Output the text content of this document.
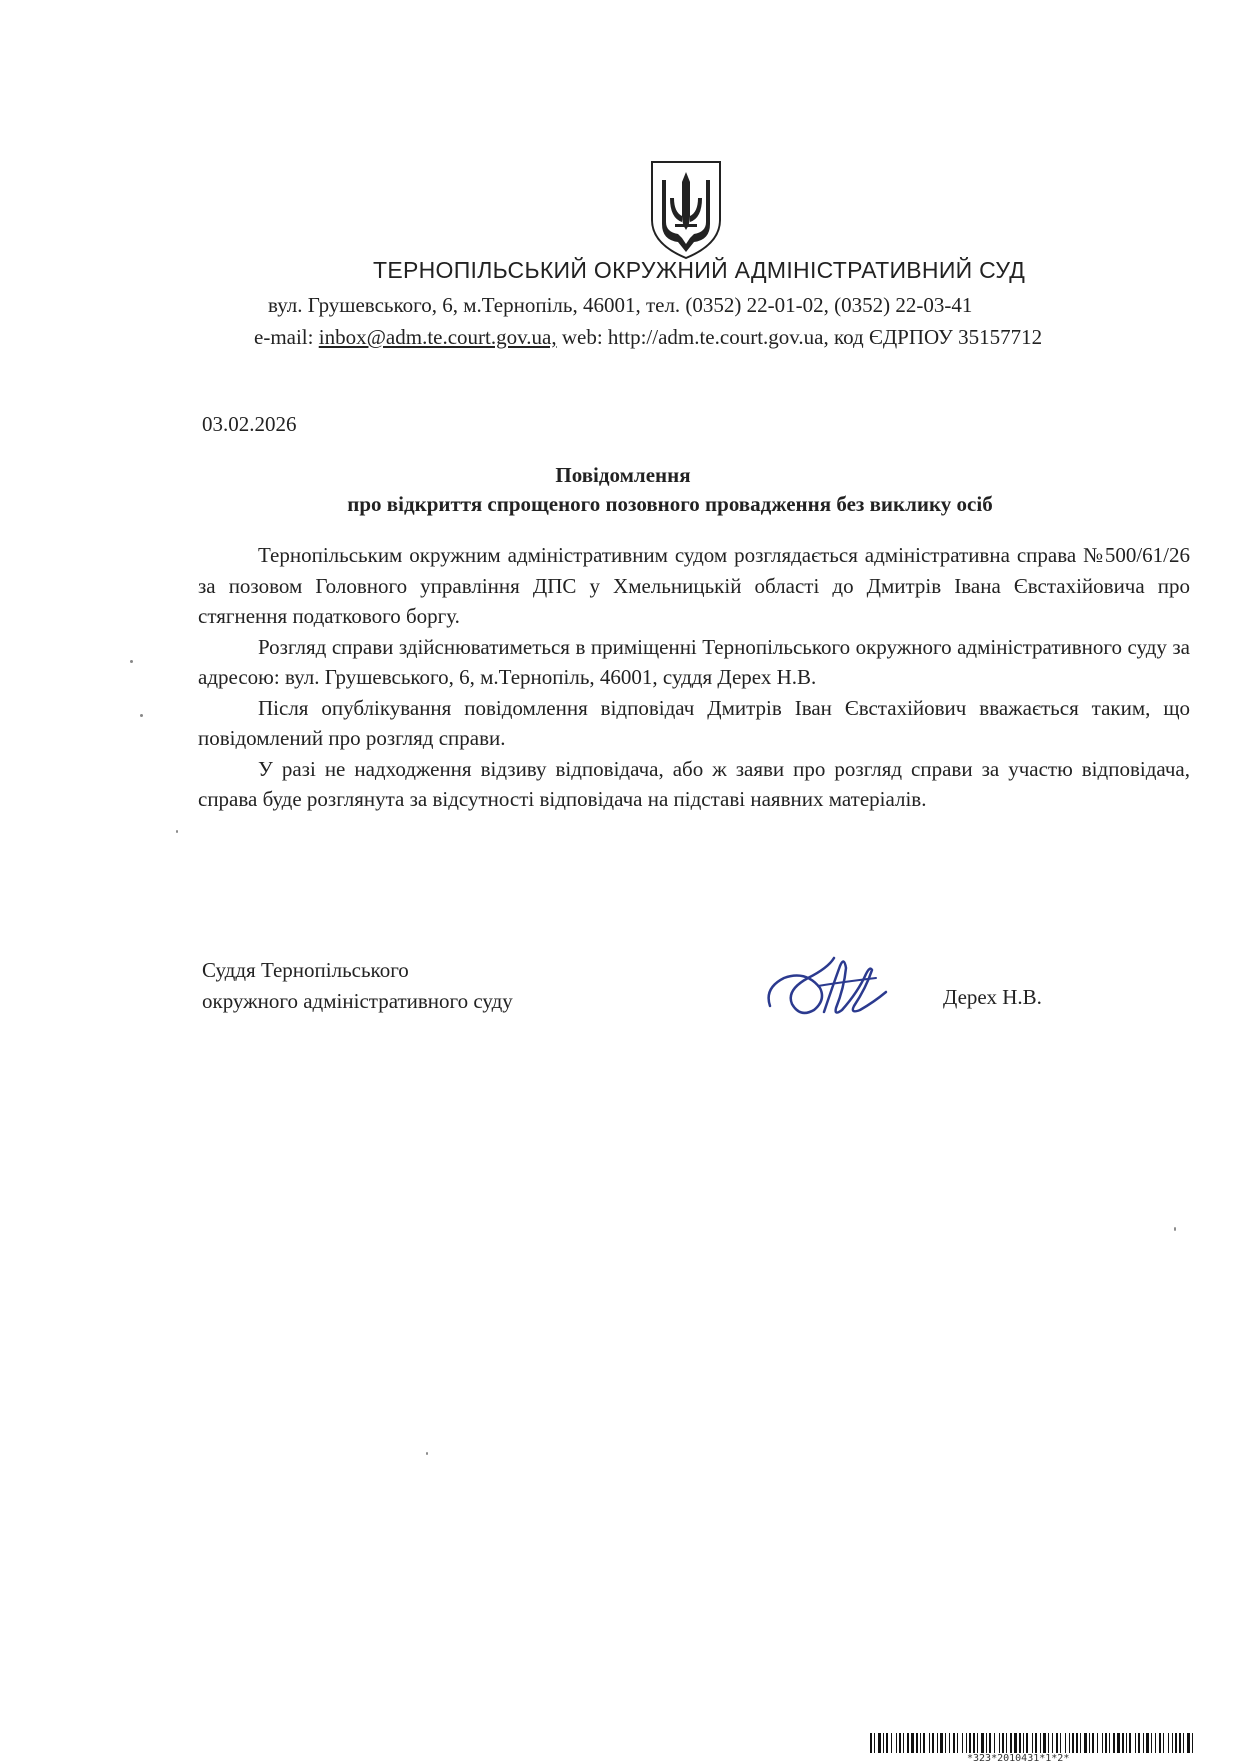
ТЕРНОПІЛЬСЬКИЙ ОКРУЖНИЙ АДМІНІСТРАТИВНИЙ СУД
вул. Грушевського, 6, м.Тернопіль, 46001, тел. (0352) 22-01-02, (0352) 22-03-41
e-mail: inbox@adm.te.court.gov.ua, web: http://adm.te.court.gov.ua, код ЄДРПОУ 35157712
03.02.2026
Повідомлення
про відкриття спрощеного позовного провадження без виклику осіб

Тернопільським окружним адміністративним судом розглядається адміністративна справа №500/61/26 за позовом Головного управління ДПС у Хмельницькій області до Дмитрів Івана Євстахійовича про стягнення податкового боргу.

Розгляд справи здійснюватиметься в приміщенні Тернопільського окружного адміністративного суду за адресою: вул. Грушевського, 6, м.Тернопіль, 46001, суддя Дерех Н.В.

Після опублікування повідомлення відповідач Дмитрів Іван Євстахійович вважається таким, що повідомлений про розгляд справи.

У разі не надходження відзиву відповідача, або ж заяви про розгляд справи за участю відповідача, справа буде розглянута за відсутності відповідача на підставі наявних матеріалів.

Суддя Тернопільського
окружного адміністративного суду	Дерех Н.В.
*323*2010431*1*2*
